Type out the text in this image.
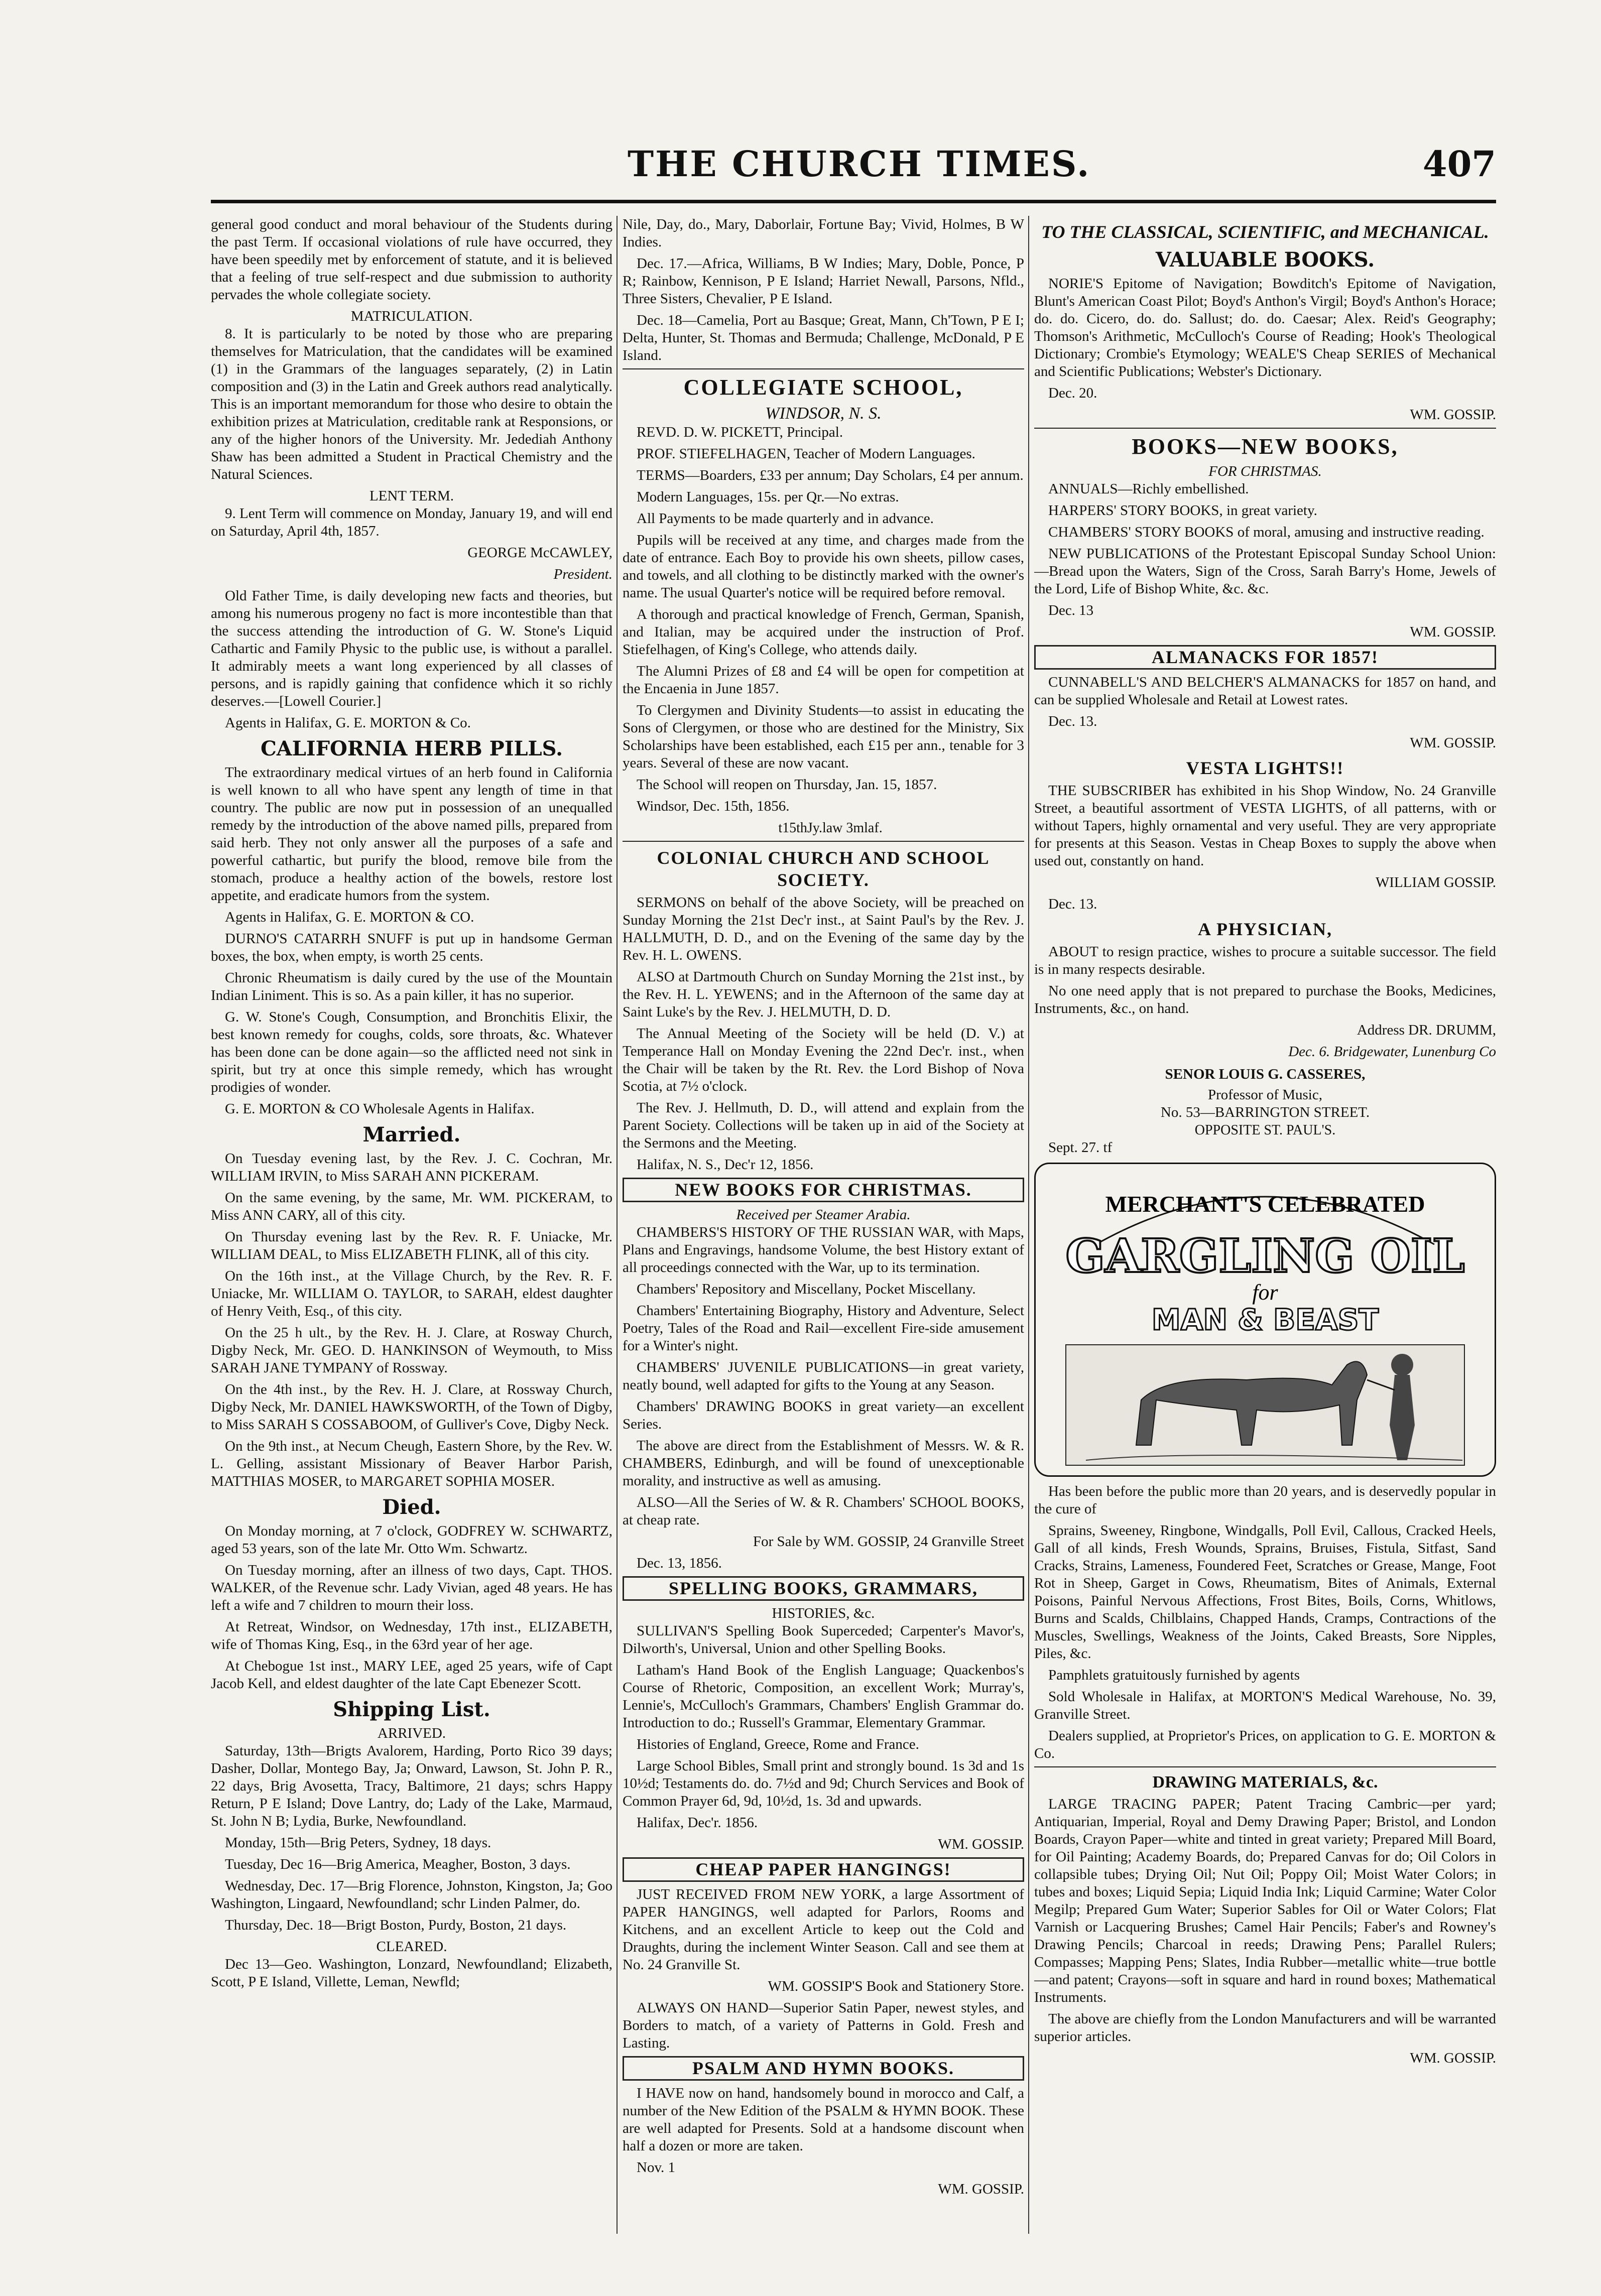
THE CHURCH TIMES.	407

general good conduct and moral behaviour of the Students during the past Term. If occasional violations of rule have occurred, they have been speedily met by enforcement of statute, and it is believed that a feeling of true self-respect and due submission to authority pervades the whole collegiate society.

MATRICULATION.

8. It is particularly to be noted by those who are preparing themselves for Matriculation, that the candidates will be examined (1) in the Grammars of the languages separately, (2) in Latin composition and (3) in the Latin and Greek authors read analytically. This is an important memorandum for those who desire to obtain the exhibition prizes at Matriculation, creditable rank at Responsions, or any of the higher honors of the University. Mr. Jedediah Anthony Shaw has been admitted a Student in Practical Chemistry and the Natural Sciences.

LENT TERM.

9. Lent Term will commence on Monday, January 19, and will end on Saturday, April 4th, 1857.

GEORGE McCAWLEY,
President.

Old Father Time, is daily developing new facts and theories, but among his numerous progeny no fact is more incontestible than that the success attending the introduction of G. W. Stone's Liquid Cathartic and Family Physic to the public use, is without a parallel. It admirably meets a want long experienced by all classes of persons, and is rapidly gaining that confidence which it so richly deserves.—[Lowell Courier.]

Agents in Halifax, G. E. MORTON & Co.

CALIFORNIA HERB PILLS.

The extraordinary medical virtues of an herb found in California is well known to all who have spent any length of time in that country. The public are now put in possession of an unequalled remedy by the introduction of the above named pills, prepared from said herb. They not only answer all the purposes of a safe and powerful cathartic, but purify the blood, remove bile from the stomach, produce a healthy action of the bowels, restore lost appetite, and eradicate humors from the system.

Agents in Halifax, G. E. MORTON & CO.

DURNO'S CATARRH SNUFF is put up in handsome German boxes, the box, when empty, is worth 25 cents.

Chronic Rheumatism is daily cured by the use of the Mountain Indian Liniment. This is so. As a pain killer, it has no superior.

G. W. Stone's Cough, Consumption, and Bronchitis Elixir, the best known remedy for coughs, colds, sore throats, &c. Whatever has been done can be done again—so the afflicted need not sink in spirit, but try at once this simple remedy, which has wrought prodigies of wonder.

G. E. MORTON & CO Wholesale Agents in Halifax.

Married.

On Tuesday evening last, by the Rev. J. C. Cochran, Mr. WILLIAM IRVIN, to Miss SARAH ANN PICKERAM.

On the same evening, by the same, Mr. WM. PICKERAM, to Miss ANN CARY, all of this city.

On Thursday evening last by the Rev. R. F. Uniacke, Mr. WILLIAM DEAL, to Miss ELIZABETH FLINK, all of this city.

On the 16th inst., at the Village Church, by the Rev. R. F. Uniacke, Mr. WILLIAM O. TAYLOR, to SARAH, eldest daughter of Henry Veith, Esq., of this city.

On the 25 h ult., by the Rev. H. J. Clare, at Rosway Church, Digby Neck, Mr. GEO. D. HANKINSON of Weymouth, to Miss SARAH JANE TYMPANY of Rossway.

On the 4th inst., by the Rev. H. J. Clare, at Rossway Church, Digby Neck, Mr. DANIEL HAWKSWORTH, of the Town of Digby, to Miss SARAH S COSSABOOM, of Gulliver's Cove, Digby Neck.

On the 9th inst., at Necum Cheugh, Eastern Shore, by the Rev. W. L. Gelling, assistant Missionary of Beaver Harbor Parish, MATTHIAS MOSER, to MARGARET SOPHIA MOSER.

Died.

On Monday morning, at 7 o'clock, GODFREY W. SCHWARTZ, aged 53 years, son of the late Mr. Otto Wm. Schwartz.

On Tuesday morning, after an illness of two days, Capt. THOS. WALKER, of the Revenue schr. Lady Vivian, aged 48 years. He has left a wife and 7 children to mourn their loss.

At Retreat, Windsor, on Wednesday, 17th inst., ELIZABETH, wife of Thomas King, Esq., in the 63rd year of her age.

At Chebogue 1st inst., MARY LEE, aged 25 years, wife of Capt Jacob Kell, and eldest daughter of the late Capt Ebenezer Scott.

Shipping List.
ARRIVED.

Saturday, 13th—Brigts Avalorem, Harding, Porto Rico 39 days; Dasher, Dollar, Montego Bay, Ja; Onward, Lawson, St. John P. R., 22 days, Brig Avosetta, Tracy, Baltimore, 21 days; schrs Happy Return, P E Island; Dove Lantry, do; Lady of the Lake, Marmaud, St. John N B; Lydia, Burke, Newfoundland.

Monday, 15th—Brig Peters, Sydney, 18 days.

Tuesday, Dec 16—Brig America, Meagher, Boston, 3 days.

Wednesday, Dec. 17—Brig Florence, Johnston, Kingston, Ja; Goo Washington, Lingaard, Newfoundland; schr Linden Palmer, do.

Thursday, Dec. 18—Brigt Boston, Purdy, Boston, 21 days.

CLEARED.

Dec 13—Geo. Washington, Lonzard, Newfoundland; Elizabeth, Scott, P E Island, Villette, Leman, Newfld;

Nile, Day, do., Mary, Daborlair, Fortune Bay; Vivid, Holmes, B W Indies.

Dec. 17.—Africa, Williams, B W Indies; Mary, Doble, Ponce, P R; Rainbow, Kennison, P E Island; Harriet Newall, Parsons, Nfld., Three Sisters, Chevalier, P E Island.

Dec. 18—Camelia, Port au Basque; Great, Mann, Ch'Town, P E I; Delta, Hunter, St. Thomas and Bermuda; Challenge, McDonald, P E Island.

COLLEGIATE SCHOOL,
WINDSOR, N. S.

REVD. D. W. PICKETT, Principal.

PROF. STIEFELHAGEN, Teacher of Modern Languages.

TERMS—Boarders, £33 per annum; Day Scholars, £4 per annum.

Modern Languages, 15s. per Qr.—No extras.

All Payments to be made quarterly and in advance.

Pupils will be received at any time, and charges made from the date of entrance. Each Boy to provide his own sheets, pillow cases, and towels, and all clothing to be distinctly marked with the owner's name. The usual Quarter's notice will be required before removal.

A thorough and practical knowledge of French, German, Spanish, and Italian, may be acquired under the instruction of Prof. Stiefelhagen, of King's College, who attends daily.

The Alumni Prizes of £8 and £4 will be open for competition at the Encaenia in June 1857.

To Clergymen and Divinity Students—to assist in educating the Sons of Clergymen, or those who are destined for the Ministry, Six Scholarships have been established, each £15 per ann., tenable for 3 years. Several of these are now vacant.

The School will reopen on Thursday, Jan. 15, 1857.

Windsor, Dec. 15th, 1856.

t15thJy.law 3mlaf.

COLONIAL CHURCH AND SCHOOL SOCIETY.

SERMONS on behalf of the above Society, will be preached on Sunday Morning the 21st Dec'r inst., at Saint Paul's by the Rev. J. HALLMUTH, D. D., and on the Evening of the same day by the Rev. H. L. OWENS.

ALSO at Dartmouth Church on Sunday Morning the 21st inst., by the Rev. H. L. YEWENS; and in the Afternoon of the same day at Saint Luke's by the Rev. J. HELMUTH, D. D.

The Annual Meeting of the Society will be held (D. V.) at Temperance Hall on Monday Evening the 22nd Dec'r. inst., when the Chair will be taken by the Rt. Rev. the Lord Bishop of Nova Scotia, at 7½ o'clock.

The Rev. J. Hellmuth, D. D., will attend and explain from the Parent Society. Collections will be taken up in aid of the Society at the Sermons and the Meeting.

Halifax, N. S., Dec'r 12, 1856.

NEW BOOKS FOR CHRISTMAS.
Received per Steamer Arabia.

CHAMBERS'S HISTORY OF THE RUSSIAN WAR, with Maps, Plans and Engravings, handsome Volume, the best History extant of all proceedings connected with the War, up to its termination.

Chambers' Repository and Miscellany, Pocket Miscellany.

Chambers' Entertaining Biography, History and Adventure, Select Poetry, Tales of the Road and Rail—excellent Fire-side amusement for a Winter's night.

CHAMBERS' JUVENILE PUBLICATIONS—in great variety, neatly bound, well adapted for gifts to the Young at any Season.

Chambers' DRAWING BOOKS in great variety—an excellent Series.

The above are direct from the Establishment of Messrs. W. & R. CHAMBERS, Edinburgh, and will be found of unexceptionable morality, and instructive as well as amusing.

ALSO—All the Series of W. & R. Chambers' SCHOOL BOOKS, at cheap rate.

For Sale by WM. GOSSIP, 24 Granville Street

Dec. 13, 1856.

SPELLING BOOKS, GRAMMARS,
HISTORIES, &c.

SULLIVAN'S Spelling Book Superceded; Carpenter's Mavor's, Dilworth's, Universal, Union and other Spelling Books.

Latham's Hand Book of the English Language; Quackenbos's Course of Rhetoric, Composition, an excellent Work; Murray's, Lennie's, McCulloch's Grammars, Chambers' English Grammar do. Introduction to do.; Russell's Grammar, Elementary Grammar.

Histories of England, Greece, Rome and France.

Large School Bibles, Small print and strongly bound. 1s 3d and 1s 10½d; Testaments do. do. 7½d and 9d; Church Services and Book of Common Prayer 6d, 9d, 10½d, 1s. 3d and upwards.

Halifax, Dec'r. 1856.

WM. GOSSIP.

CHEAP PAPER HANGINGS!

JUST RECEIVED FROM NEW YORK, a large Assortment of PAPER HANGINGS, well adapted for Parlors, Rooms and Kitchens, and an excellent Article to keep out the Cold and Draughts, during the inclement Winter Season. Call and see them at No. 24 Granville St.

WM. GOSSIP'S Book and Stationery Store.

ALWAYS ON HAND—Superior Satin Paper, newest styles, and Borders to match, of a variety of Patterns in Gold. Fresh and Lasting.

PSALM AND HYMN BOOKS.

I HAVE now on hand, handsomely bound in morocco and Calf, a number of the New Edition of the PSALM & HYMN BOOK. These are well adapted for Presents. Sold at a handsome discount when half a dozen or more are taken.

Nov. 1

WM. GOSSIP.

TO THE CLASSICAL, SCIENTIFIC, and MECHANICAL.
VALUABLE BOOKS.

NORIE'S Epitome of Navigation; Bowditch's Epitome of Navigation, Blunt's American Coast Pilot; Boyd's Anthon's Virgil; Boyd's Anthon's Horace; do. do. Cicero, do. do. Sallust; do. do. Caesar; Alex. Reid's Geography; Thomson's Arithmetic, McCulloch's Course of Reading; Hook's Theological Dictionary; Crombie's Etymology; WEALE'S Cheap SERIES of Mechanical and Scientific Publications; Webster's Dictionary.

Dec. 20.

WM. GOSSIP.

BOOKS—NEW BOOKS,
FOR CHRISTMAS.

ANNUALS—Richly embellished.

HARPERS' STORY BOOKS, in great variety.

CHAMBERS' STORY BOOKS of moral, amusing and instructive reading.

NEW PUBLICATIONS of the Protestant Episcopal Sunday School Union:—Bread upon the Waters, Sign of the Cross, Sarah Barry's Home, Jewels of the Lord, Life of Bishop White, &c. &c.

Dec. 13

WM. GOSSIP.

ALMANACKS FOR 1857!

CUNNABELL'S AND BELCHER'S ALMANACKS for 1857 on hand, and can be supplied Wholesale and Retail at Lowest rates.

Dec. 13.

WM. GOSSIP.

VESTA LIGHTS!!

THE SUBSCRIBER has exhibited in his Shop Window, No. 24 Granville Street, a beautiful assortment of VESTA LIGHTS, of all patterns, with or without Tapers, highly ornamental and very useful. They are very appropriate for presents at this Season. Vestas in Cheap Boxes to supply the above when used out, constantly on hand.

WILLIAM GOSSIP.

Dec. 13.

A PHYSICIAN,

ABOUT to resign practice, wishes to procure a suitable successor. The field is in many respects desirable.

No one need apply that is not prepared to purchase the Books, Medicines, Instruments, &c., on hand.

Address DR. DRUMM,

Dec. 6. Bridgewater, Lunenburg Co

SENOR LOUIS G. CASSERES,
Professor of Music,
No. 53—BARRINGTON STREET.
OPPOSITE ST. PAUL'S.

Sept. 27. tf

MERCHANT'S CELEBRATED
GARGLING OIL
for
MAN & BEAST

Has been before the public more than 20 years, and is deservedly popular in the cure of

Sprains, Sweeney, Ringbone, Windgalls, Poll Evil, Callous, Cracked Heels, Gall of all kinds, Fresh Wounds, Sprains, Bruises, Fistula, Sitfast, Sand Cracks, Strains, Lameness, Foundered Feet, Scratches or Grease, Mange, Foot Rot in Sheep, Garget in Cows, Rheumatism, Bites of Animals, External Poisons, Painful Nervous Affections, Frost Bites, Boils, Corns, Whitlows, Burns and Scalds, Chilblains, Chapped Hands, Cramps, Contractions of the Muscles, Swellings, Weakness of the Joints, Caked Breasts, Sore Nipples, Piles, &c.

Pamphlets gratuitously furnished by agents

Sold Wholesale in Halifax, at MORTON'S Medical Warehouse, No. 39, Granville Street.

Dealers supplied, at Proprietor's Prices, on application to G. E. MORTON & Co.

DRAWING MATERIALS, &c.

LARGE TRACING PAPER; Patent Tracing Cambric—per yard; Antiquarian, Imperial, Royal and Demy Drawing Paper; Bristol, and London Boards, Crayon Paper—white and tinted in great variety; Prepared Mill Board, for Oil Painting; Academy Boards, do; Prepared Canvas for do; Oil Colors in collapsible tubes; Drying Oil; Nut Oil; Poppy Oil; Moist Water Colors; in tubes and boxes; Liquid Sepia; Liquid India Ink; Liquid Carmine; Water Color Megilp; Prepared Gum Water; Superior Sables for Oil or Water Colors; Flat Varnish or Lacquering Brushes; Camel Hair Pencils; Faber's and Rowney's Drawing Pencils; Charcoal in reeds; Drawing Pens; Parallel Rulers; Compasses; Mapping Pens; Slates, India Rubber—metallic white—true bottle—and patent; Crayons—soft in square and hard in round boxes; Mathematical Instruments.

The above are chiefly from the London Manufacturers and will be warranted superior articles.

WM. GOSSIP.
